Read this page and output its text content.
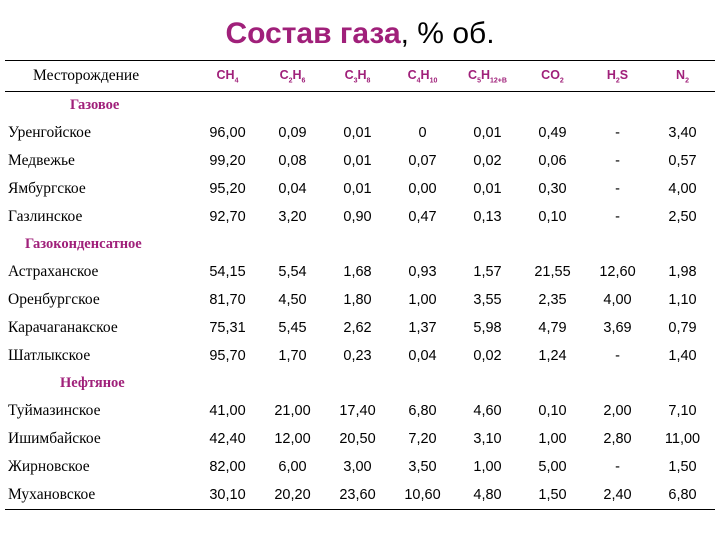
Состав газа, % об.
Месторождение	$CH_4$	$C_2H_6$	$C_3H_8$	$C_4H_{10}$	$C_5H_{12+B}$	$CO_2$	$H_2S$	$N_2$
Газовое								
Уренгойское	96,00	0,09	0,01	0	0,01	0,49	-	3,40
Медвежье	99,20	0,08	0,01	0,07	0,02	0,06	-	0,57
Ямбургское	95,20	0,04	0,01	0,00	0,01	0,30	-	4,00
Газлинское	92,70	3,20	0,90	0,47	0,13	0,10	-	2,50
Газоконденсатное								
Астраханское	54,15	5,54	1,68	0,93	1,57	21,55	12,60	1,98
Оренбургское	81,70	4,50	1,80	1,00	3,55	2,35	4,00	1,10
Карачаганакское	75,31	5,45	2,62	1,37	5,98	4,79	3,69	0,79
Шатлыкское	95,70	1,70	0,23	0,04	0,02	1,24	-	1,40
Нефтяное								
Туймазинское	41,00	21,00	17,40	6,80	4,60	0,10	2,00	7,10
Ишимбайское	42,40	12,00	20,50	7,20	3,10	1,00	2,80	11,00
Жирновское	82,00	6,00	3,00	3,50	1,00	5,00	-	1,50
Мухановское	30,10	20,20	23,60	10,60	4,80	1,50	2,40	6,80
